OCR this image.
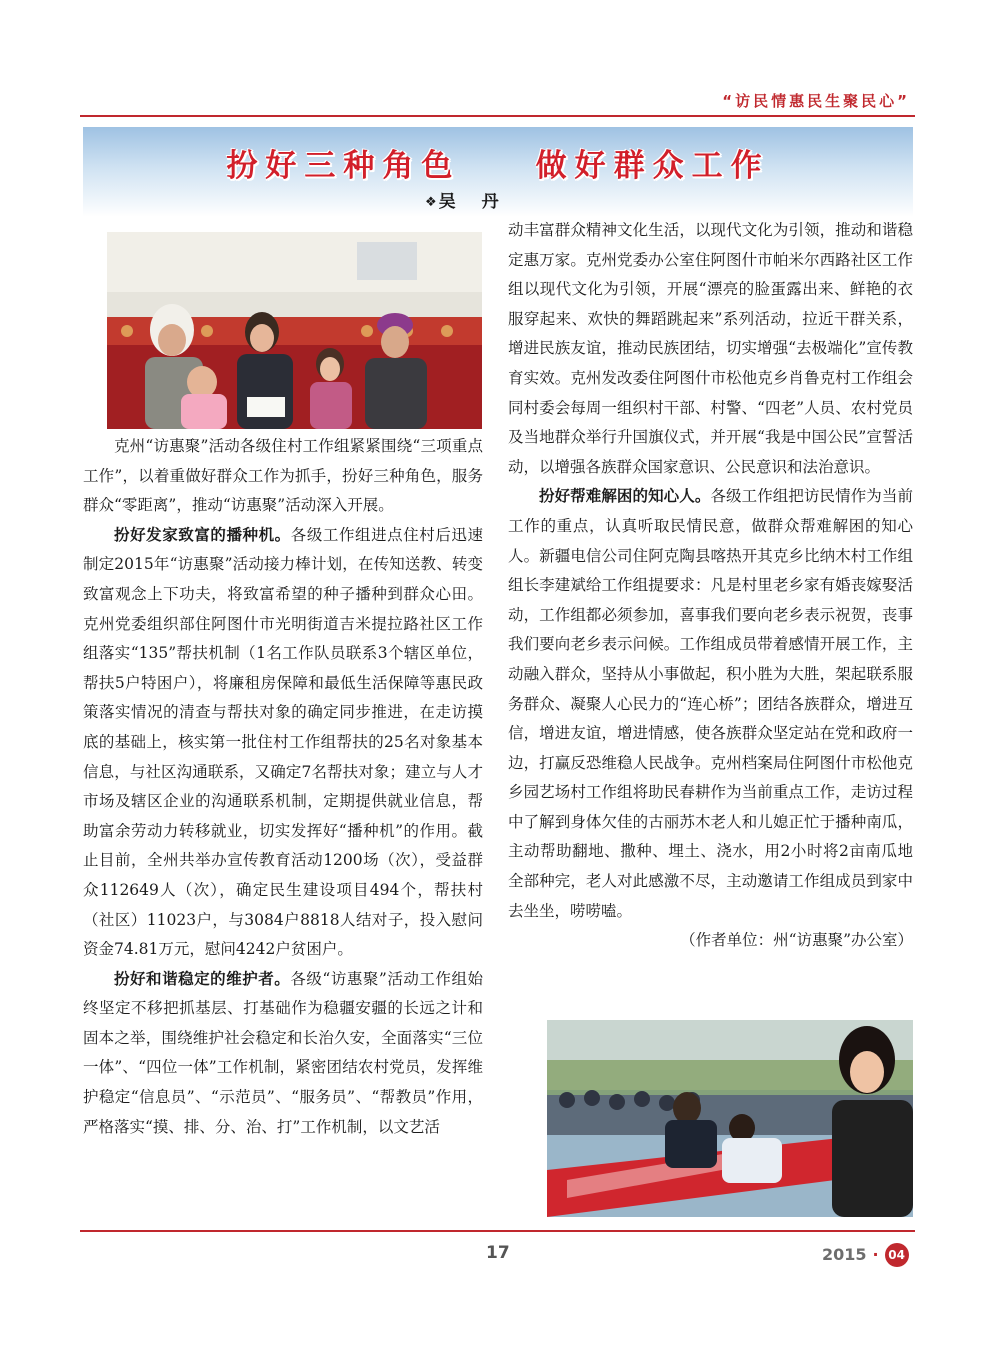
“访民情惠民生聚民心”
扮好三种角色    做好群众工作
❖吴 丹

克州“访惠聚”活动各级住村工作组紧紧围绕“三项重点工作”，以着重做好群众工作为抓手，扮好三种角色，服务群众“零距离”，推动“访惠聚”活动深入开展。

扮好发家致富的播种机。各级工作组进点住村后迅速制定2015年“访惠聚”活动接力棒计划，在传知送教、转变致富观念上下功夫，将致富希望的种子播种到群众心田。克州党委组织部住阿图什市光明街道吉米提拉路社区工作组落实“135”帮扶机制（1名工作队员联系3个辖区单位，帮扶5户特困户），将廉租房保障和最低生活保障等惠民政策落实情况的清查与帮扶对象的确定同步推进，在走访摸底的基础上，核实第一批住村工作组帮扶的25名对象基本信息，与社区沟通联系，又确定7名帮扶对象；建立与人才市场及辖区企业的沟通联系机制，定期提供就业信息，帮助富余劳动力转移就业，切实发挥好“播种机”的作用。截止目前，全州共举办宣传教育活动1200场（次），受益群众112649人（次），确定民生建设项目494个，帮扶村（社区）11023户，与3084户8818人结对子，投入慰问资金74.81万元，慰问4242户贫困户。

扮好和谐稳定的维护者。各级“访惠聚”活动工作组始终坚定不移把抓基层、打基础作为稳疆安疆的长远之计和固本之举，围绕维护社会稳定和长治久安，全面落实“三位一体”、“四位一体”工作机制，紧密团结农村党员，发挥维护稳定“信息员”、“示范员”、“服务员”、“帮教员”作用，严格落实“摸、排、分、治、打”工作机制，以文艺活

动丰富群众精神文化生活，以现代文化为引领，推动和谐稳定惠万家。克州党委办公室住阿图什市帕米尔西路社区工作组以现代文化为引领，开展“漂亮的脸蛋露出来、鲜艳的衣服穿起来、欢快的舞蹈跳起来”系列活动，拉近干群关系，增进民族友谊，推动民族团结，切实增强“去极端化”宣传教育实效。克州发改委住阿图什市松他克乡肖鲁克村工作组会同村委会每周一组织村干部、村警、“四老”人员、农村党员及当地群众举行升国旗仪式，并开展“我是中国公民”宣誓活动，以增强各族群众国家意识、公民意识和法治意识。

扮好帮难解困的知心人。各级工作组把访民情作为当前工作的重点，认真听取民情民意，做群众帮难解困的知心人。新疆电信公司住阿克陶县喀热开其克乡比纳木村工作组组长李建斌给工作组提要求：凡是村里老乡家有婚丧嫁娶活动，工作组都必须参加，喜事我们要向老乡表示祝贺，丧事我们要向老乡表示问候。工作组成员带着感情开展工作，主动融入群众，坚持从小事做起，积小胜为大胜，架起联系服务群众、凝聚人心民力的“连心桥”；团结各族群众，增进互信，增进友谊，增进情感，使各族群众坚定站在党和政府一边，打赢反恐维稳人民战争。克州档案局住阿图什市松他克乡园艺场村工作组将助民春耕作为当前重点工作，走访过程中了解到身体欠佳的古丽苏木老人和儿媳正忙于播种南瓜，主动帮助翻地、撒种、埋土、浇水，用2小时将2亩南瓜地全部种完，老人对此感激不尽，主动邀请工作组成员到家中去坐坐，唠唠嗑。

（作者单位：州“访惠聚”办公室）

17	2015 · 04
